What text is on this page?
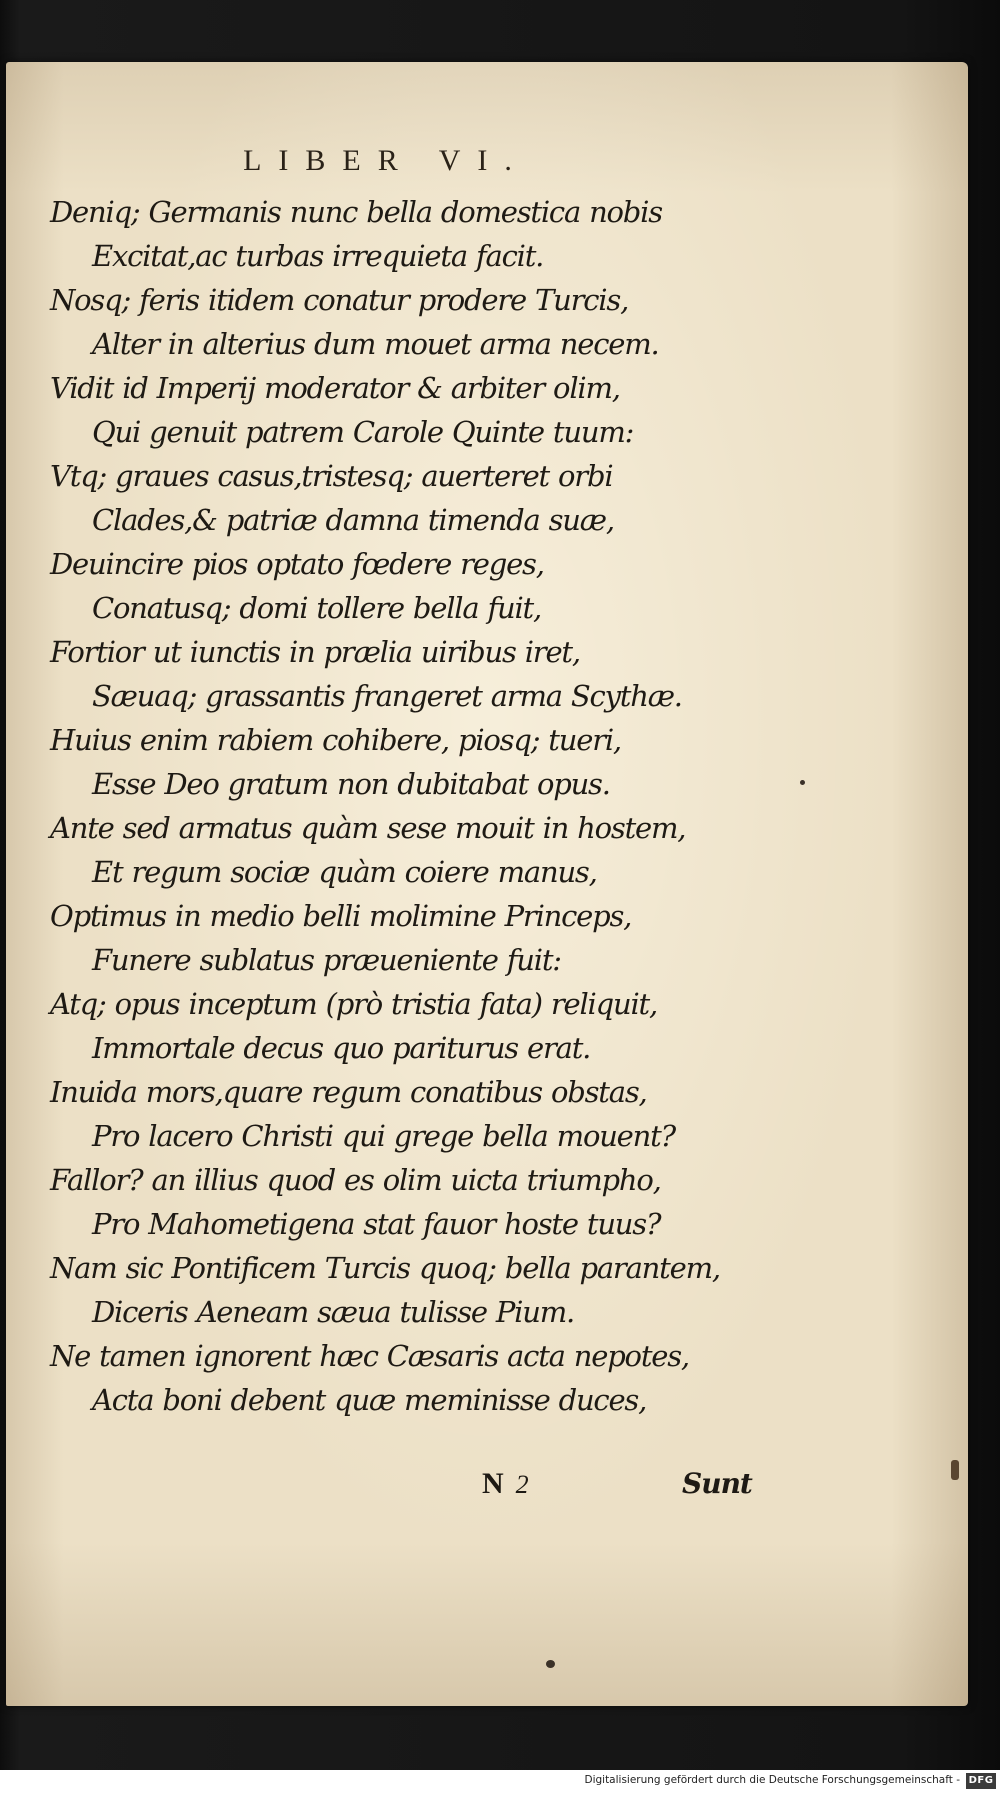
LIBER VI.
Deniq; Germanis nunc bella domestica nobis
Excitat,ac turbas irrequieta facit.
Nosq; feris itidem conatur prodere Turcis,
Alter in alterius dum mouet arma necem.
Vidit id Imperij moderator & arbiter olim,
Qui genuit patrem Carole Quinte tuum:
Vtq; graues casus,tristesq; auerteret orbi
Clades,& patriæ damna timenda suæ,
Deuincire pios optato fœdere reges,
Conatusq; domi tollere bella fuit,
Fortior ut iunctis in prælia uiribus iret,
Sæuaq; grassantis frangeret arma Scythæ.
Huius enim rabiem cohibere, piosq; tueri,
Esse Deo gratum non dubitabat opus.
Ante sed armatus quàm sese mouit in hostem,
Et regum sociæ quàm coiere manus,
Optimus in medio belli molimine Princeps,
Funere sublatus præueniente fuit:
Atq; opus inceptum (prò tristia fata) reliquit,
Immortale decus quo pariturus erat.
Inuida mors,quare regum conatibus obstas,
Pro lacero Christi qui grege bella mouent?
Fallor? an illius quod es olim uicta triumpho,
Pro Mahometigena stat fauor hoste tuus?
Nam sic Pontificem Turcis quoq; bella parantem,
Diceris Aeneam sæua tulisse Pium.
Ne tamen ignorent hæc Cæsaris acta nepotes,
Acta boni debent quæ meminisse duces,
N 2	Sunt
Digitalisierung gefördert durch die Deutsche Forschungsgemeinschaft - DFG
